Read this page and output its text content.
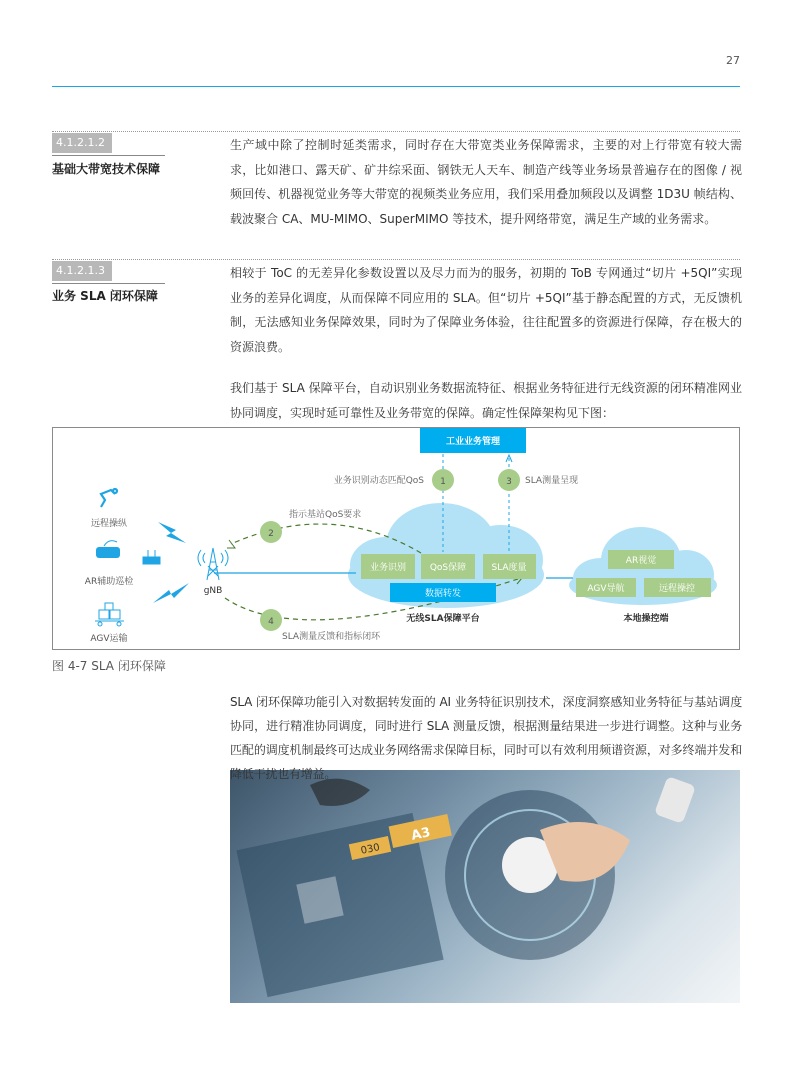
27
4.1.2.1.2
基础大带宽技术保障

生产域中除了控制时延类需求，同时存在大带宽类业务保障需求，主要的对上行带宽有较大需求，比如港口、露天矿、矿井综采面、钢铁无人天车、制造产线等业务场景普遍存在的图像 / 视频回传、机器视觉业务等大带宽的视频类业务应用，我们采用叠加频段以及调整 1D3U 帧结构、载波聚合 CA、MU-MIMO、SuperMIMO 等技术，提升网络带宽，满足生产域的业务需求。

4.1.2.1.3
业务 SLA 闭环保障

相较于 ToC 的无差异化参数设置以及尽力而为的服务，初期的 ToB 专网通过“切片 +5QI”实现业务的差异化调度，从而保障不同应用的 SLA。但“切片 +5QI”基于静态配置的方式，无反馈机制，无法感知业务保障效果，同时为了保障业务体验，往往配置多的资源进行保障，存在极大的资源浪费。

我们基于 SLA 保障平台，自动识别业务数据流特征、根据业务特征进行无线资源的闭环精准网业协同调度，实现时延可靠性及业务带宽的保障。确定性保障架构见下图：

工业业务管理
业务识别	QoS保障	SLA度量
数据转发
无线SLA保障平台
AR视觉
AGV导航	远程操控
本地操控端
1	3
2
4
业务识别动态匹配QoS	SLA测量呈现
指示基站QoS要求
SLA测量反馈和指标闭环
gNB
远程操纵
AR辅助巡检
AGV运输
图 4-7 SLA 闭环保障

SLA 闭环保障功能引入对数据转发面的 AI 业务特征识别技术，深度洞察感知业务特征与基站调度协同，进行精准协同调度，同时进行 SLA 测量反馈，根据测量结果进一步进行调整。这种与业务匹配的调度机制最终可达成业务网络需求保障目标，同时可以有效利用频谱资源，对多终端并发和降低干扰也有增益。

A3
030
